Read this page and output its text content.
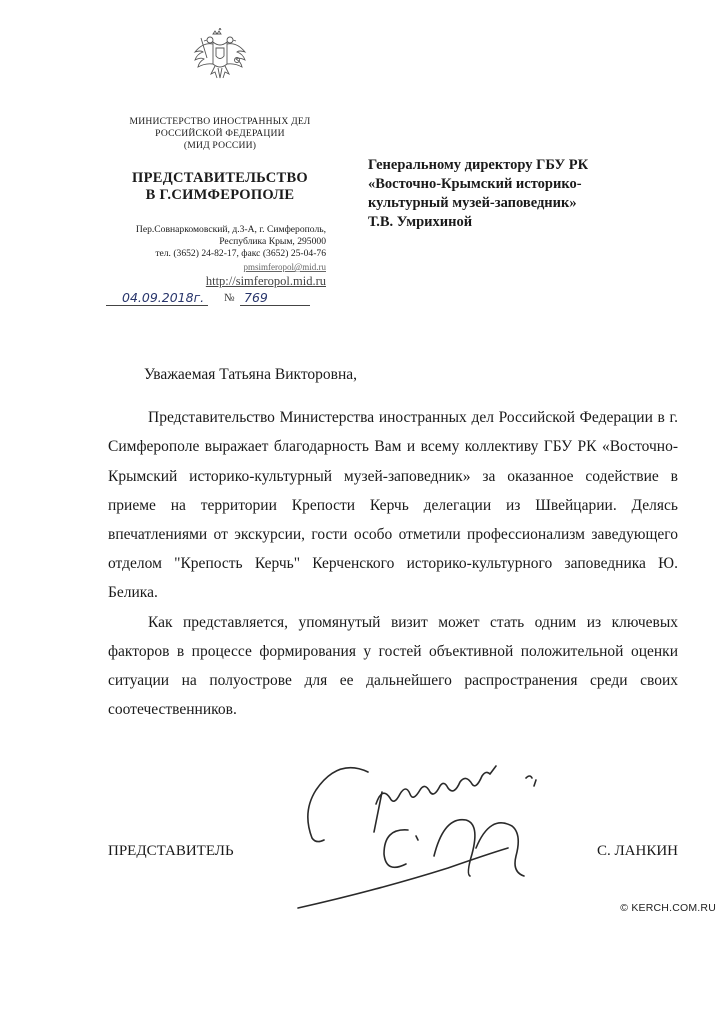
МИНИСТЕРСТВО ИНОСТРАННЫХ ДЕЛ
РОССИЙСКОЙ ФЕДЕРАЦИИ
(МИД РОССИИ)
ПРЕДСТАВИТЕЛЬСТВО
В Г.СИМФЕРОПОЛЕ
Пер.Совнаркомовский, д.3-А, г. Симферополь,
Республика Крым, 295000
тел. (3652) 24-82-17, факс (3652) 25-04-76
pmsimferopol@mid.ru
http://simferopol.mid.ru
04.09.2018г. № 769
Генеральному директору ГБУ РК
«Восточно-Крымский историко-
культурный музей-заповедник»
Т.В. Умрихиной

Уважаемая Татьяна Викторовна,

Представительство Министерства иностранных дел Российской Федерации в г. Симферополе выражает благодарность Вам и всему коллективу ГБУ РК «Восточно-Крымский историко-культурный музей-заповедник» за оказанное содействие в приеме на территории Крепости Керчь делегации из Швейцарии. Делясь впечатлениями от экскурсии, гости особо отметили профессионализм заведующего отделом "Крепость Керчь" Керченского историко-культурного заповедника Ю. Белика.

Как представляется, упомянутый визит может стать одним из ключевых факторов в процессе формирования у гостей объективной положительной оценки ситуации на полуострове для ее дальнейшего распространения среди своих соотечественников.

ПРЕДСТАВИТЕЛЬ	С. ЛАНКИН
© KERCH.COM.RU
